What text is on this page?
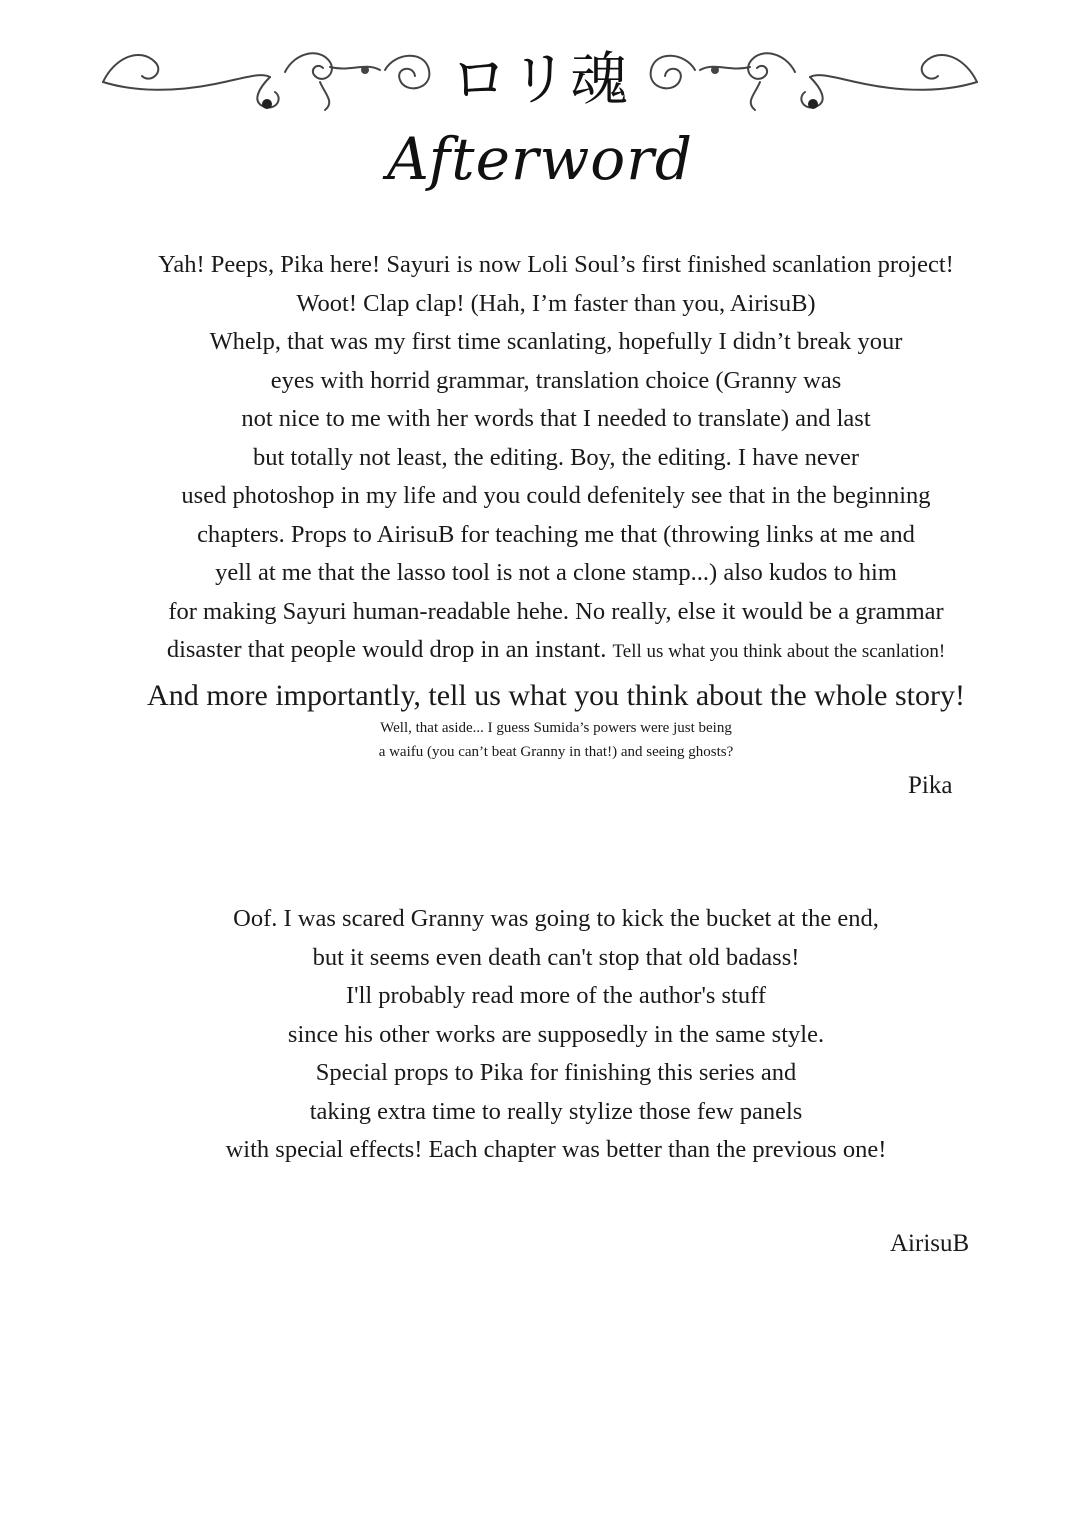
ロリ魂
Afterword
Yah! Peeps, Pika here! Sayuri is now Loli Soul’s first finished scanlation project!
Woot! Clap clap! (Hah, I’m faster than you, AirisuB)
Whelp, that was my first time scanlating, hopefully I didn’t break your
eyes with horrid grammar, translation choice (Granny was
not nice to me with her words that I needed to translate) and last
but totally not least, the editing. Boy, the editing. I have never
used photoshop in my life and you could defenitely see that in the beginning
chapters. Props to AirisuB for teaching me that (throwing links at me and
yell at me that the lasso tool is not a clone stamp...) also kudos to him
for making Sayuri human-readable hehe. No really, else it would be a grammar
disaster that people would drop in an instant. Tell us what you think about the scanlation!
And more importantly, tell us what you think about the whole story!
Well, that aside... I guess Sumida’s powers were just being
a waifu (you can’t beat Granny in that!) and seeing ghosts?
Pika
Oof. I was scared Granny was going to kick the bucket at the end,
but it seems even death can't stop that old badass!
I'll probably read more of the author's stuff
since his other works are supposedly in the same style.
Special props to Pika for finishing this series and
taking extra time to really stylize those few panels
with special effects! Each chapter was better than the previous one!
AirisuB
